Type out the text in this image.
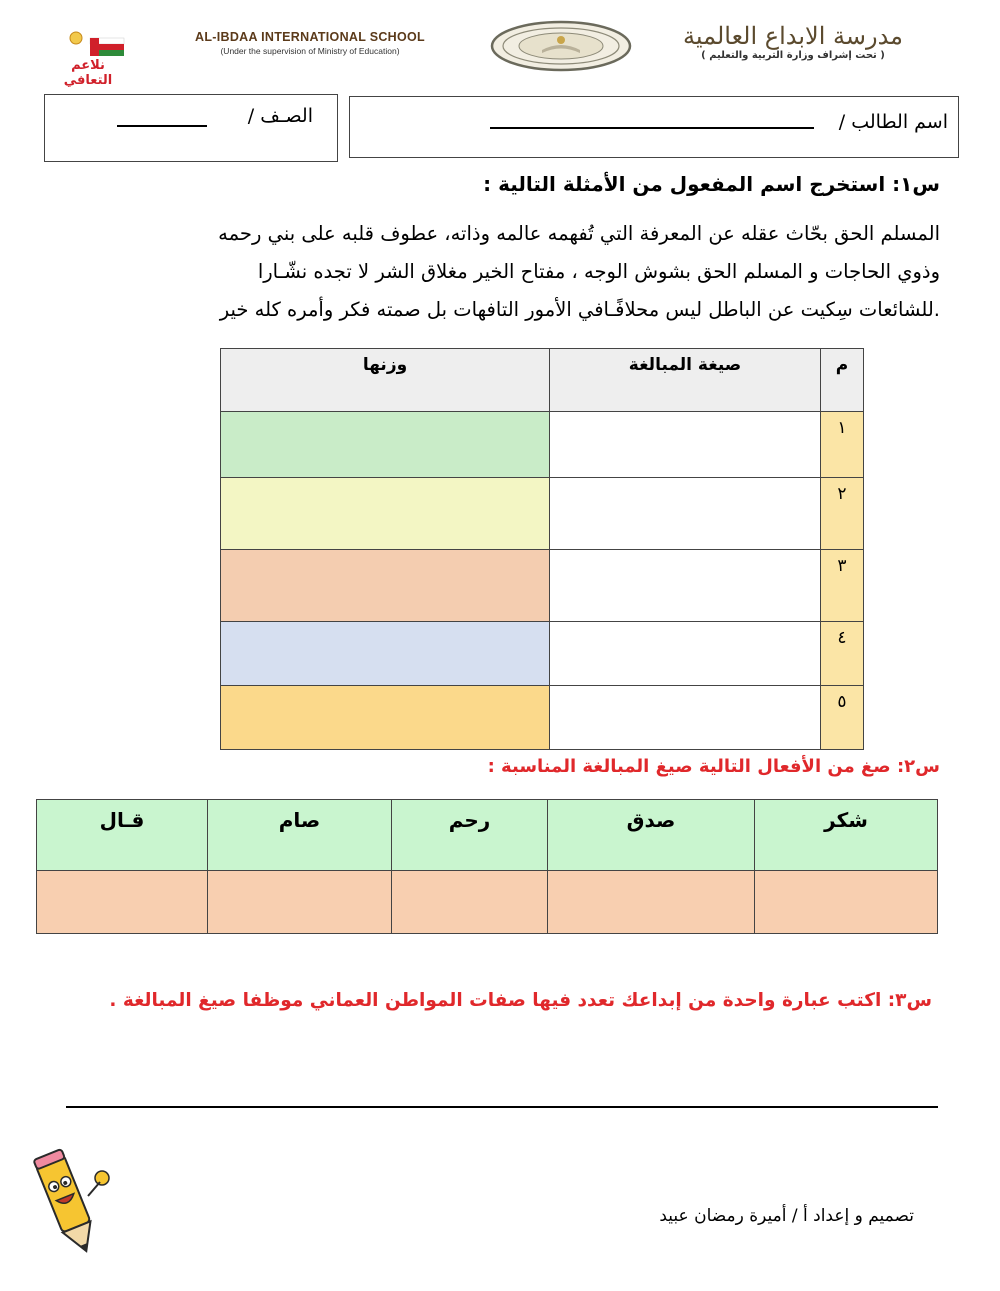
نلاعم التعافي
AL-IBDAA INTERNATIONAL SCHOOL
(Under the supervision of Ministry of Education)
مدرسة الابداع العالمية
( تحت إشراف وزارة التربية والتعليم )
الصـف /	اسم الطالب /
س١: استخرج اسم المفعول من الأمثلة التالية :
المسلم الحق بحّاث عقله عن المعرفة التي تُفهمه عالمه وذاته، عطوف قلبه على بني رحمه
وذوي الحاجات و المسلم الحق بشوش الوجه ، مفتاح الخير مغلاق الشر لا تجده نشّـارا
.للشائعات سِكيت عن الباطل ليس محلافًـافي الأمور التافهات بل صمته فكر وأمره كله خير
م	صيغة المبالغة	وزنها
١		
٢		
٣		
٤		
٥		
س٢: صغ من الأفعال التالية صيغ المبالغة المناسبة :
شكر	صدق	رحم	صام	قـال

س٣: اكتب عبارة واحدة من إبداعك تعدد فيها صفات المواطن العماني موظفا صيغ المبالغة .
تصميم و إعداد أ / أميرة رمضان عبيد
